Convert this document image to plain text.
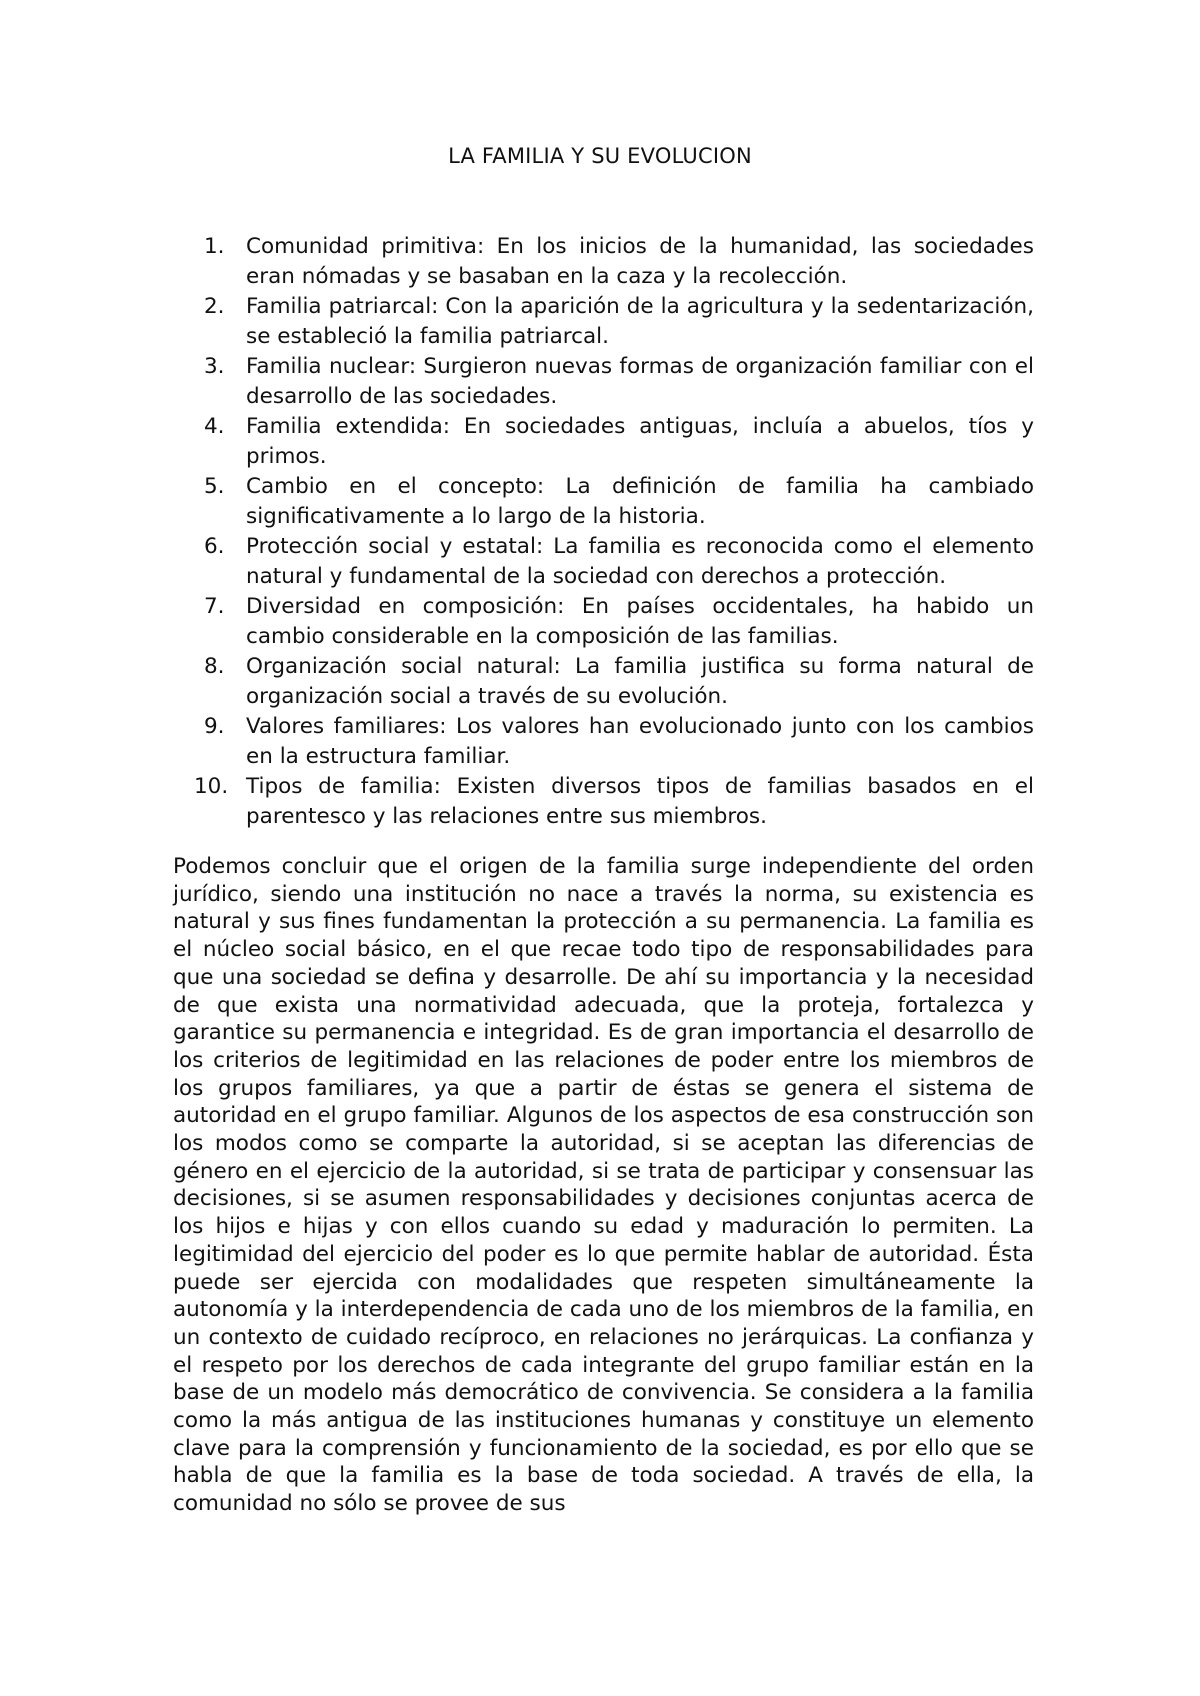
LA FAMILIA Y SU EVOLUCION
1. Comunidad primitiva: En los inicios de la humanidad, las sociedades eran nómadas y se basaban en la caza y la recolección.
2. Familia patriarcal: Con la aparición de la agricultura y la sedentarización, se estableció la familia patriarcal.
3. Familia nuclear: Surgieron nuevas formas de organización familiar con el desarrollo de las sociedades.
4. Familia extendida: En sociedades antiguas, incluía a abuelos, tíos y primos.
5. Cambio en el concepto: La definición de familia ha cambiado significativamente a lo largo de la historia.
6. Protección social y estatal: La familia es reconocida como el elemento natural y fundamental de la sociedad con derechos a protección.
7. Diversidad en composición: En países occidentales, ha habido un cambio considerable en la composición de las familias.
8. Organización social natural: La familia justifica su forma natural de organización social a través de su evolución.
9. Valores familiares: Los valores han evolucionado junto con los cambios en la estructura familiar.
10. Tipos de familia: Existen diversos tipos de familias basados en el parentesco y las relaciones entre sus miembros.

Podemos concluir que el origen de la familia surge independiente del orden jurídico, siendo una institución no nace a través la norma, su existencia es natural y sus fines fundamentan la protección a su permanencia. La familia es el núcleo social básico, en el que recae todo tipo de responsabilidades para que una sociedad se defina y desarrolle. De ahí su importancia y la necesidad de que exista una normatividad adecuada, que la proteja, fortalezca y garantice su permanencia e integridad. Es de gran importancia el desarrollo de los criterios de legitimidad en las relaciones de poder entre los miembros de los grupos familiares, ya que a partir de éstas se genera el sistema de autoridad en el grupo familiar. Algunos de los aspectos de esa construcción son los modos como se comparte la autoridad, si se aceptan las diferencias de género en el ejercicio de la autoridad, si se trata de participar y consensuar las decisiones, si se asumen responsabilidades y decisiones conjuntas acerca de los hijos e hijas y con ellos cuando su edad y maduración lo permiten. La legitimidad del ejercicio del poder es lo que permite hablar de autoridad. Ésta puede ser ejercida con modalidades que respeten simultáneamente la autonomía y la interdependencia de cada uno de los miembros de la familia, en un contexto de cuidado recíproco, en relaciones no jerárquicas. La confianza y el respeto por los derechos de cada integrante del grupo familiar están en la base de un modelo más democrático de convivencia. Se considera a la familia como la más antigua de las instituciones humanas y constituye un elemento clave para la comprensión y funcionamiento de la sociedad, es por ello que se habla de que la familia es la base de toda sociedad. A través de ella, la comunidad no sólo se provee de sus
